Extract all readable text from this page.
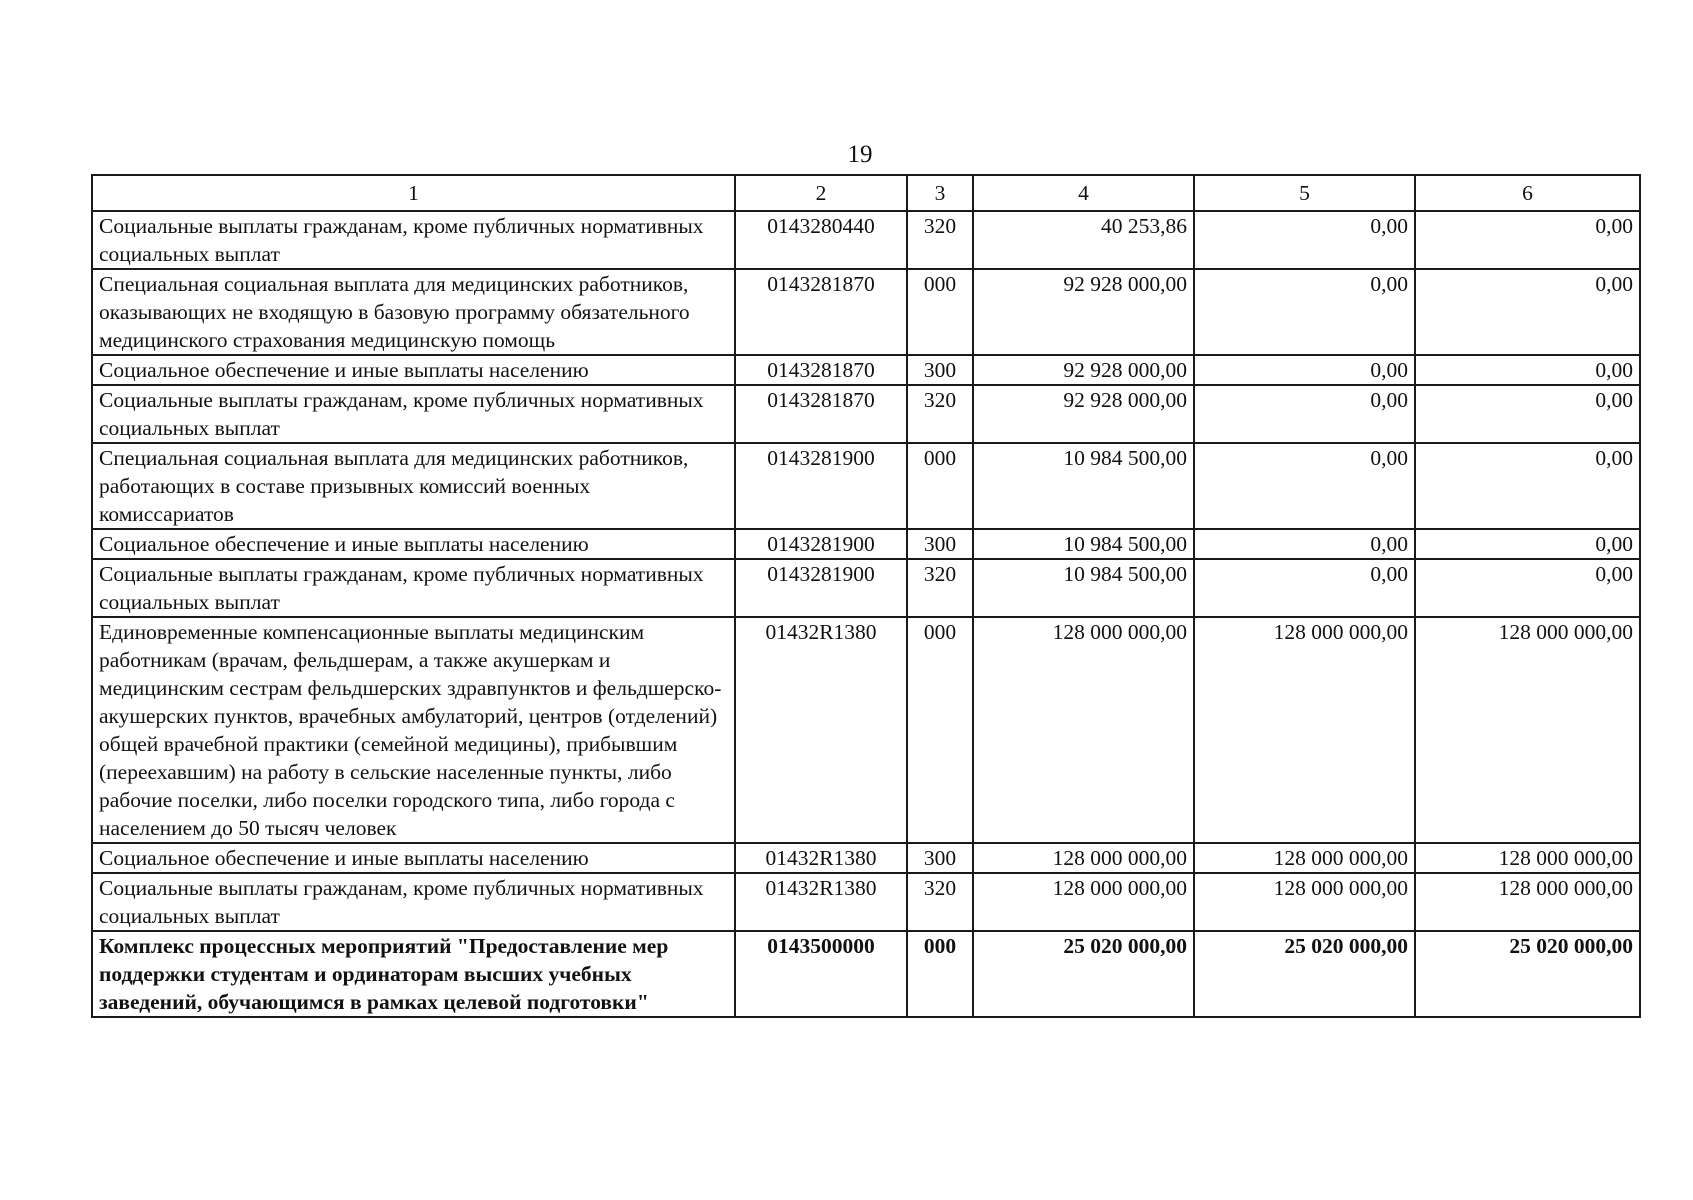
19
1	2	3	4	5	6
Социальные выплаты гражданам, кроме публичных нормативных социальных выплат	0143280440	320	40 253,86	0,00	0,00
Специальная социальная выплата для медицинских работников, оказывающих не входящую в базовую программу обязательного медицинского страхования медицинскую помощь	0143281870	000	92 928 000,00	0,00	0,00
Социальное обеспечение и иные выплаты населению	0143281870	300	92 928 000,00	0,00	0,00
Социальные выплаты гражданам, кроме публичных нормативных социальных выплат	0143281870	320	92 928 000,00	0,00	0,00
Специальная социальная выплата для медицинских работников, работающих в составе призывных комиссий военных комиссариатов	0143281900	000	10 984 500,00	0,00	0,00
Социальное обеспечение и иные выплаты населению	0143281900	300	10 984 500,00	0,00	0,00
Социальные выплаты гражданам, кроме публичных нормативных социальных выплат	0143281900	320	10 984 500,00	0,00	0,00
Единовременные компенсационные выплаты медицинским работникам (врачам, фельдшерам, а также акушеркам и медицинским сестрам фельдшерских здравпунктов и фельдшерско-акушерских пунктов, врачебных амбулаторий, центров (отделений) общей врачебной практики (семейной медицины), прибывшим (переехавшим) на работу в сельские населенные пункты, либо рабочие поселки, либо поселки городского типа, либо города с населением до 50 тысяч человек	01432R1380	000	128 000 000,00	128 000 000,00	128 000 000,00
Социальное обеспечение и иные выплаты населению	01432R1380	300	128 000 000,00	128 000 000,00	128 000 000,00
Социальные выплаты гражданам, кроме публичных нормативных социальных выплат	01432R1380	320	128 000 000,00	128 000 000,00	128 000 000,00
Комплекс процессных мероприятий "Предоставление мер поддержки студентам и ординаторам высших учебных заведений, обучающимся в рамках целевой подготовки"	0143500000	000	25 020 000,00	25 020 000,00	25 020 000,00
